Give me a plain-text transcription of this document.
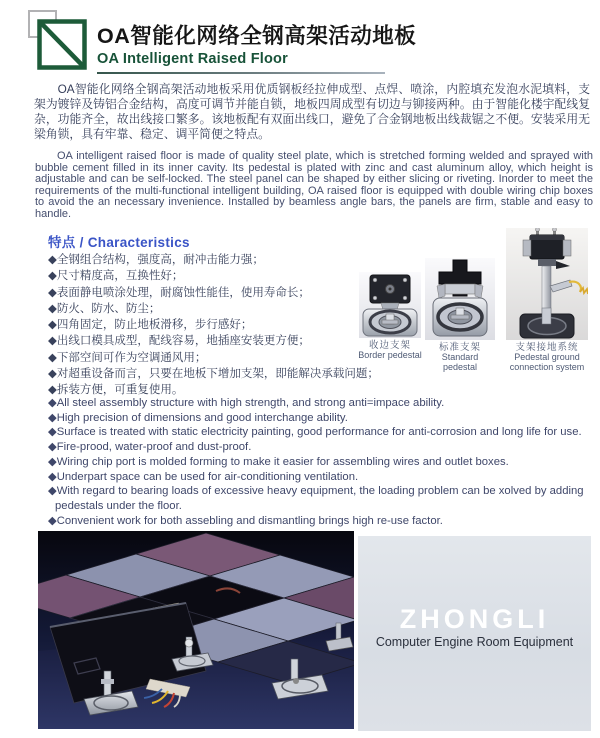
OA智能化网络全钢高架活动地板
OA Intelligent Raised Floor

OA智能化网络全钢高架活动地板采用优质钢板经拉伸成型、点焊、喷涂，内腔填充发泡水泥填料，支架为镀锌及铸铝合金结构，高度可调节并能自锁，地板四周成型有切边与铆接两种。由于智能化楼宇配线复杂，功能齐全，故出线接口繁多。该地板配有双面出线口，避免了合金钢地板出线裁锯之不便。安装采用无梁角锁，具有牢靠、稳定、调平简便之特点。

OA intelligent raised floor is made of quality steel plate, which is stretched forming welded and sprayed with bubble cement filled in its inner cavity. Its pedestal is plated with zinc and cast aluminum alloy, which height is adjustable and can be self-locked. The steel panel can be shaped by either slicing or riveting. Inorder to meet the requirements of the multi-functional intelligent building, OA raised floor is equipped with double wiring chip boxes to avoid the an necessary invenience. Installed by beamless angle bars, the panels are firm, stable and easy to handle.

特点 / Characteristics
◆全钢组合结构，强度高，耐冲击能力强；
◆尺寸精度高，互换性好；
◆表面静电喷涂处理，耐腐蚀性能佳，使用寿命长；
◆防火、防水、防尘；
◆四角固定，防止地板滑移，步行感好；
◆出线口模具成型，配线容易，地插座安装更方便；
◆下部空间可作为空调通风用；
◆对超重设备而言，只要在地板下增加支架，即能解决承载问题；
◆拆装方便，可重复使用。
收边支架
Border pedestal
标准支架
Standard pedestal
支架接地系统
Pedestal ground connection system
◆All steel assembly structure with high strength, and strong anti=impace ability.
◆High precision of dimensions and good interchange ability.
◆Surface is treated with static electricity painting, good performance for anti-corrosion and long life for use.
◆Fire-prood, water-proof and dust-proof.
◆Wiring chip port is molded forming to make it easier for assembling wires and outlet boxes.
◆Underpart space can be used for air-conditioning ventilation.
◆With regard to bearing loads of excessive heavy equipment, the loading problem can be xolved by adding pedestals under the floor.
◆Convenient work for both assebling and dismantling brings high re-use factor.
ZHONGLI
Computer Engine Room Equipment
